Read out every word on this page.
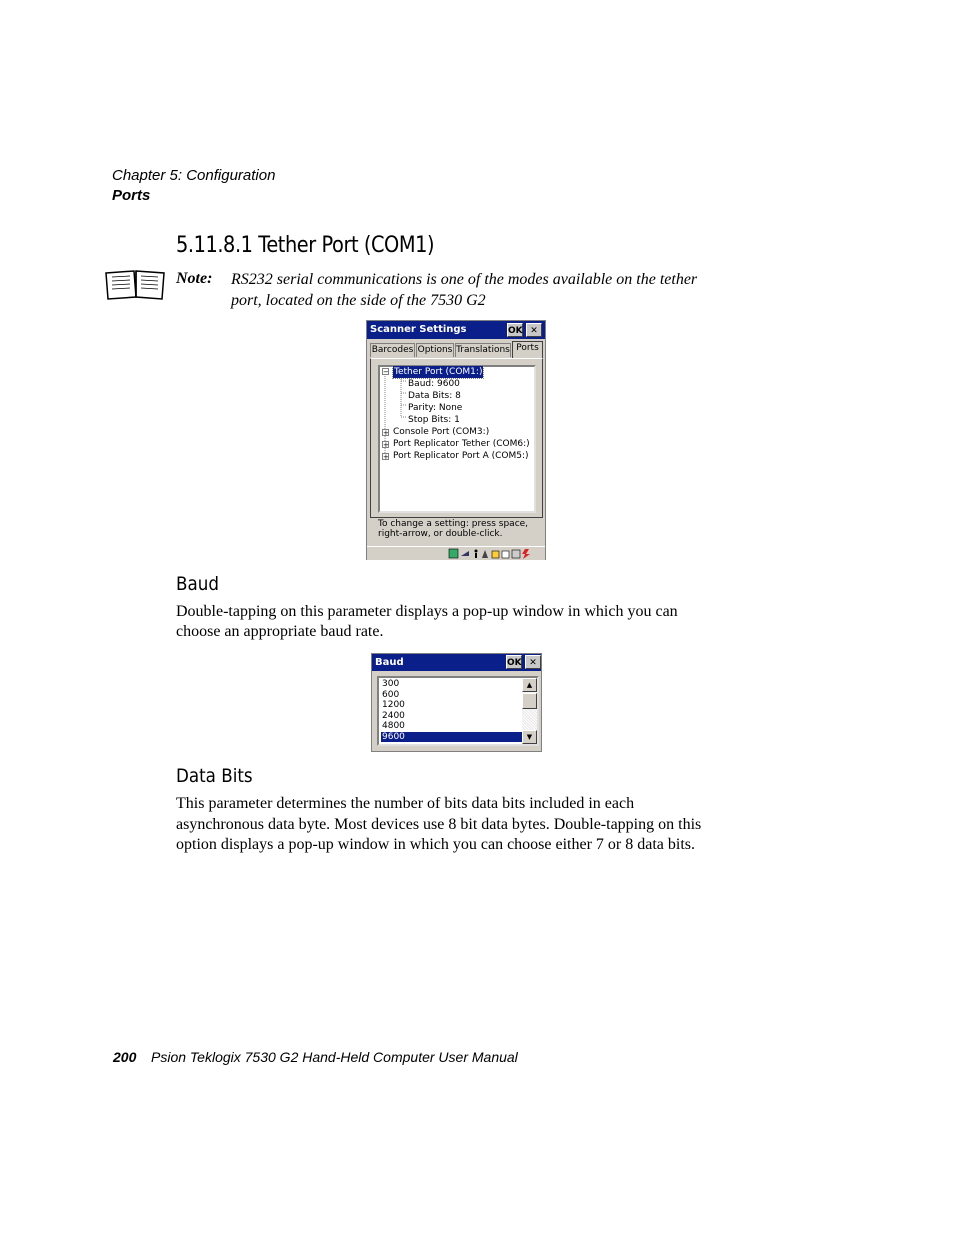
Chapter 5: Configuration
Ports
5.11.8.1 Tether Port (COM1)
Note: RS232 serial communications is one of the modes available on the tether
port, located on the side of the 7530 G2
Scanner Settings	OK ✕
Barcodes Options Translations Ports
− Tether Port (COM1:)
Baud: 9600
Data Bits: 8
Parity: None
Stop Bits: 1
+ Console Port (COM3:)
+ Port Replicator Tether (COM6:)
+ Port Replicator Port A (COM5:)
To change a setting: press space,
right-arrow, or double-click.
Baud
Double-tapping on this parameter displays a pop-up window in which you can
choose an appropriate baud rate.
Baud	OK ✕
300
600
1200
2400
4800
9600
▲
▼
Data Bits
This parameter determines the number of bits data bits included in each
asynchronous data byte. Most devices use 8 bit data bytes. Double-tapping on this
option displays a pop-up window in which you can choose either 7 or 8 data bits.
200 Psion Teklogix 7530 G2 Hand-Held Computer User Manual
